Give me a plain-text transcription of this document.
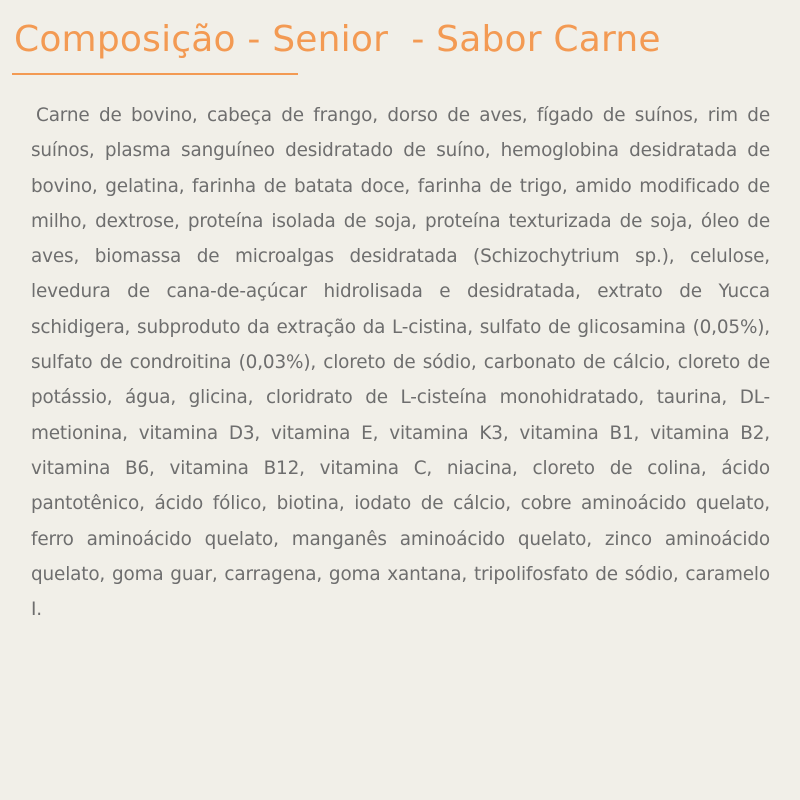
Composição - Senior  - Sabor Carne

Carne de bovino, cabeça de frango, dorso de aves, fígado de suínos, rim de suínos, plasma sanguíneo desidratado de suíno, hemoglobina desidratada de bovino, gelatina, farinha de batata doce, farinha de trigo, amido modificado de milho, dextrose, proteína isolada de soja, proteína texturizada de soja, óleo de aves, biomassa de microalgas desidratada (Schizochytrium sp.), celulose, levedura de cana-de-açúcar hidrolisada e desidratada, extrato de Yucca schidigera, subproduto da extração da L-cistina, sulfato de glicosamina (0,05%), sulfato de condroitina (0,03%), cloreto de sódio, carbonato de cálcio, cloreto de potássio, água, glicina, cloridrato de L-cisteína monohidratado, taurina, DL-metionina, vitamina D3, vitamina E, vitamina K3, vitamina B1, vitamina B2, vitamina B6, vitamina B12, vitamina C, niacina, cloreto de colina, ácido pantotênico, ácido fólico, biotina, iodato de cálcio, cobre aminoácido quelato, ferro aminoácido quelato, manganês aminoácido quelato, zinco aminoácido quelato, goma guar, carragena, goma xantana, tripolifosfato de sódio, caramelo I.
